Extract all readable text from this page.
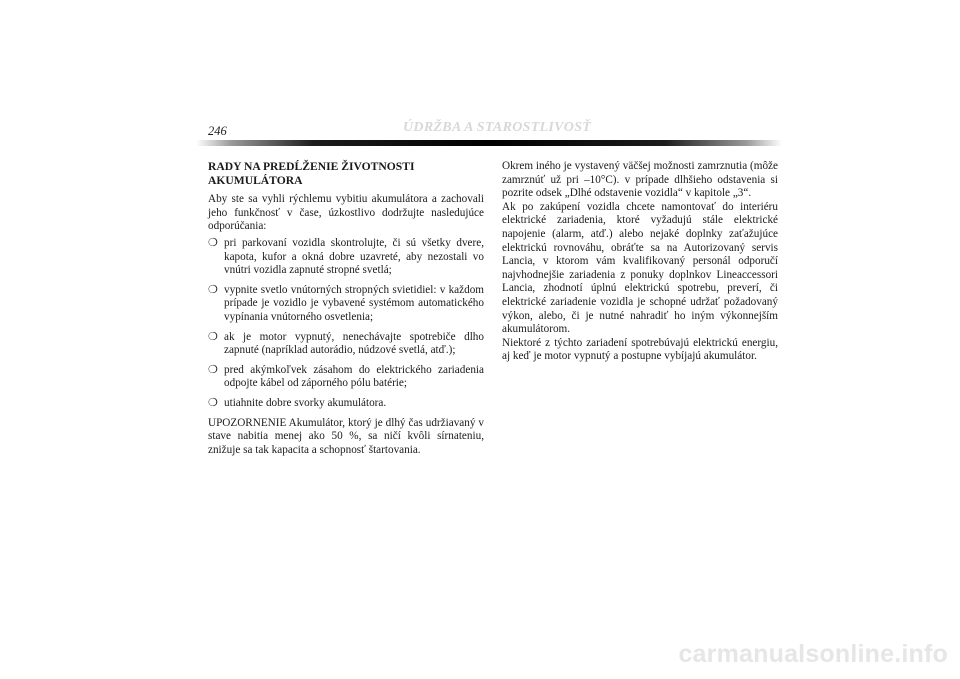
246	ÚDRŽBA A STAROSTLIVOSŤ
RADY NA PREDĹŽENIE ŽIVOTNOSTI
AKUMULÁTORA

Aby ste sa vyhli rýchlemu vybitiu akumulátora a zachovali jeho funkčnosť v čase, úzkostlivo dodržujte nasledujúce odporúčania:

❍ pri parkovaní vozidla skontrolujte, či sú všetky dvere, kapota, kufor a okná dobre uzavreté, aby nezostali vo vnútri vozidla zapnuté stropné svetlá;
❍ vypnite svetlo vnútorných stropných svietidiel: v každom prípade je vozidlo je vybavené systémom automatického vypínania vnútorného osvetlenia;
❍ ak je motor vypnutý, nenechávajte spotrebiče dlho zapnuté (napríklad autorádio, núdzové svetlá, atď.);
❍ pred akýmkoľvek zásahom do elektrického zariadenia odpojte kábel od záporného pólu batérie;
❍ utiahnite dobre svorky akumulátora.

UPOZORNENIE Akumulátor, ktorý je dlhý čas udržiavaný v stave nabitia menej ako 50 %, sa ničí kvôli sírnateniu, znižuje sa tak kapacita a schopnosť štartovania.

Okrem iného je vystavený väčšej možnosti zamrznutia (môže zamrznúť už pri –10°C). v prípade dlhšieho odstavenia si pozrite odsek „Dlhé odstavenie vozidla“ v kapitole „3“.

Ak po zakúpení vozidla chcete namontovať do interiéru elektrické zariadenia, ktoré vyžadujú stále elektrické napojenie (alarm, atď.) alebo nejaké doplnky zaťažujúce elektrickú rovnováhu, obráťte sa na Autorizovaný servis Lancia, v ktorom vám kvalifikovaný personál odporučí najvhodnejšie zariadenia z ponuky doplnkov Lineaccessori Lancia, zhodnotí úplnú elektrickú spotrebu, preverí, či elektrické zariadenie vozidla je schopné udržať požadovaný výkon, alebo, či je nutné nahradiť ho iným výkonnejším akumulátorom.

Niektoré z týchto zariadení spotrebúvajú elektrickú energiu, aj keď je motor vypnutý a postupne vybíjajú akumulátor.

carmanualsonline.info
